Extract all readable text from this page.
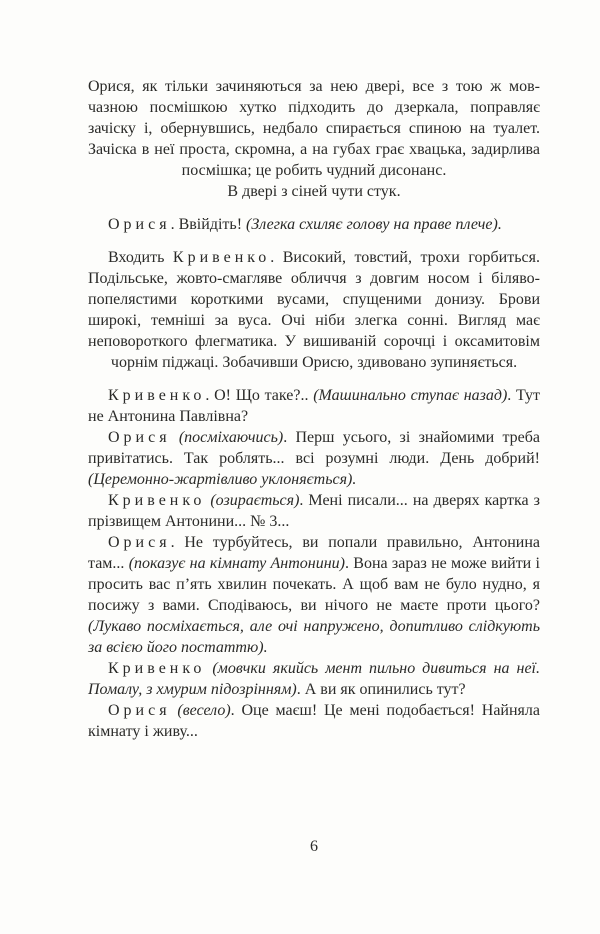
Орися, як тільки зачиняються за нею двері, все з тою ж мовчазною посмішкою хутко підходить до дзеркала, поправляє зачіску і, обернувшись, недбало спирається спиною на туалет. Зачіска в неї проста, скромна, а на губах грає хвацька, задирлива посмішка; це робить чудний дисонанс.

В двері з сіней чути стук.

Орися. Ввійдіть! (Злегка схиляє голову на праве плече).

Входить Кривенко. Високий, товстий, трохи горбиться. Подільське, жовто-смагляве обличчя з довгим носом і біляво-попелястими короткими вусами, спущеними донизу. Брови широкі, темніші за вуса. Очі ніби злегка сонні. Вигляд має неповороткого флегматика. У вишиваній сорочці і оксамитовім чорнім піджаці. Зобачивши Орисю, здивовано зупиняється.

Кривенко. О! Що таке?.. (Машинально ступає назад). Тут не Антонина Павлівна?

Орися (посміхаючись). Перш усього, зі знайомими треба привітатись. Так роблять... всі розумні люди. День добрий! (Церемонно-жартівливо уклоняється).

Кривенко (озирається). Мені писали... на дверях картка з прізвищем Антонини... № 3...

Орися. Не турбуйтесь, ви попали правильно, Антонина там... (показує на кімнату Антонини). Вона зараз не може вийти і просить вас п’ять хвилин почекать. А щоб вам не було нудно, я посижу з вами. Сподіваюсь, ви нічого не маєте проти цього? (Лукаво посміхається, але очі напружено, допитливо слідкують за всією його постаттю).

Кривенко (мовчки якийсь мент пильно дивиться на неї. Помалу, з хмурим підозрінням). А ви як опинились тут?

Орися (весело). Оце маєш! Це мені подобається! Найняла кімнату і живу...

6
